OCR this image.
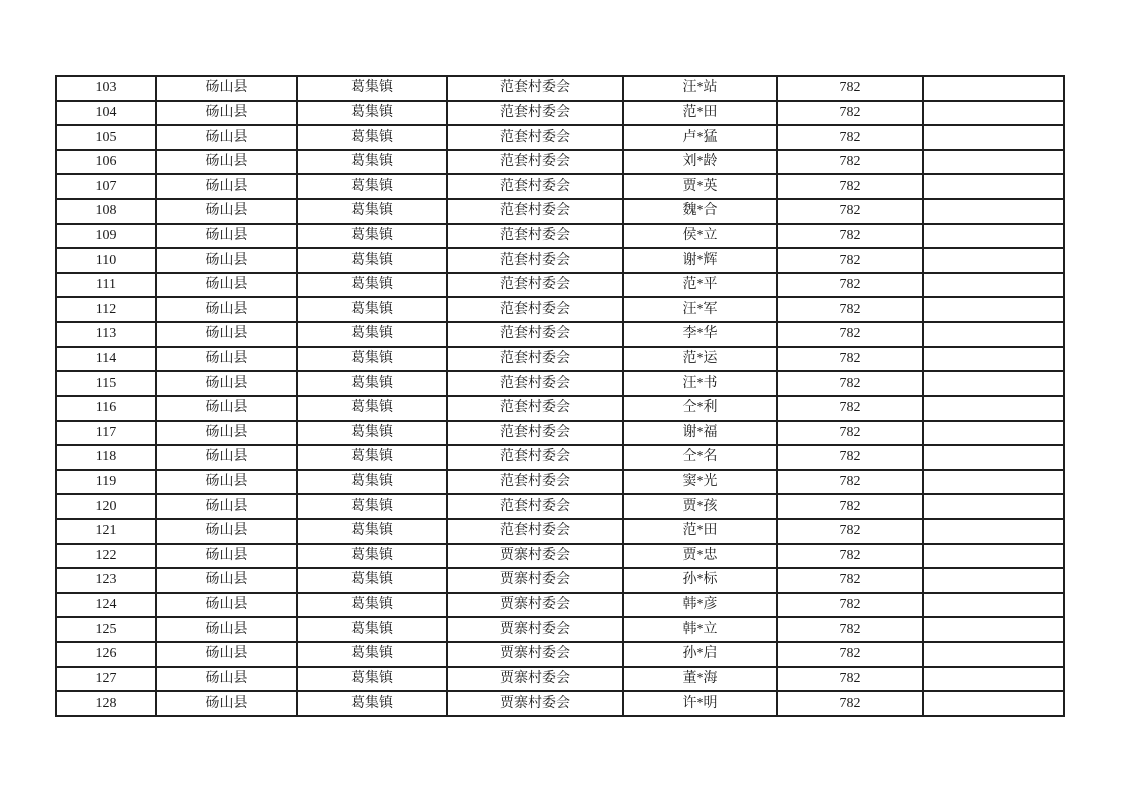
103	砀山县	葛集镇	范套村委会	汪*站	782	
104	砀山县	葛集镇	范套村委会	范*田	782	
105	砀山县	葛集镇	范套村委会	卢*猛	782	
106	砀山县	葛集镇	范套村委会	刘*龄	782	
107	砀山县	葛集镇	范套村委会	贾*英	782	
108	砀山县	葛集镇	范套村委会	魏*合	782	
109	砀山县	葛集镇	范套村委会	侯*立	782	
110	砀山县	葛集镇	范套村委会	谢*辉	782	
111	砀山县	葛集镇	范套村委会	范*平	782	
112	砀山县	葛集镇	范套村委会	汪*军	782	
113	砀山县	葛集镇	范套村委会	李*华	782	
114	砀山县	葛集镇	范套村委会	范*运	782	
115	砀山县	葛集镇	范套村委会	汪*书	782	
116	砀山县	葛集镇	范套村委会	仝*利	782	
117	砀山县	葛集镇	范套村委会	谢*福	782	
118	砀山县	葛集镇	范套村委会	仝*名	782	
119	砀山县	葛集镇	范套村委会	窦*光	782	
120	砀山县	葛集镇	范套村委会	贾*孩	782	
121	砀山县	葛集镇	范套村委会	范*田	782	
122	砀山县	葛集镇	贾寨村委会	贾*忠	782	
123	砀山县	葛集镇	贾寨村委会	孙*标	782	
124	砀山县	葛集镇	贾寨村委会	韩*彦	782	
125	砀山县	葛集镇	贾寨村委会	韩*立	782	
126	砀山县	葛集镇	贾寨村委会	孙*启	782	
127	砀山县	葛集镇	贾寨村委会	董*海	782	
128	砀山县	葛集镇	贾寨村委会	许*明	782	
